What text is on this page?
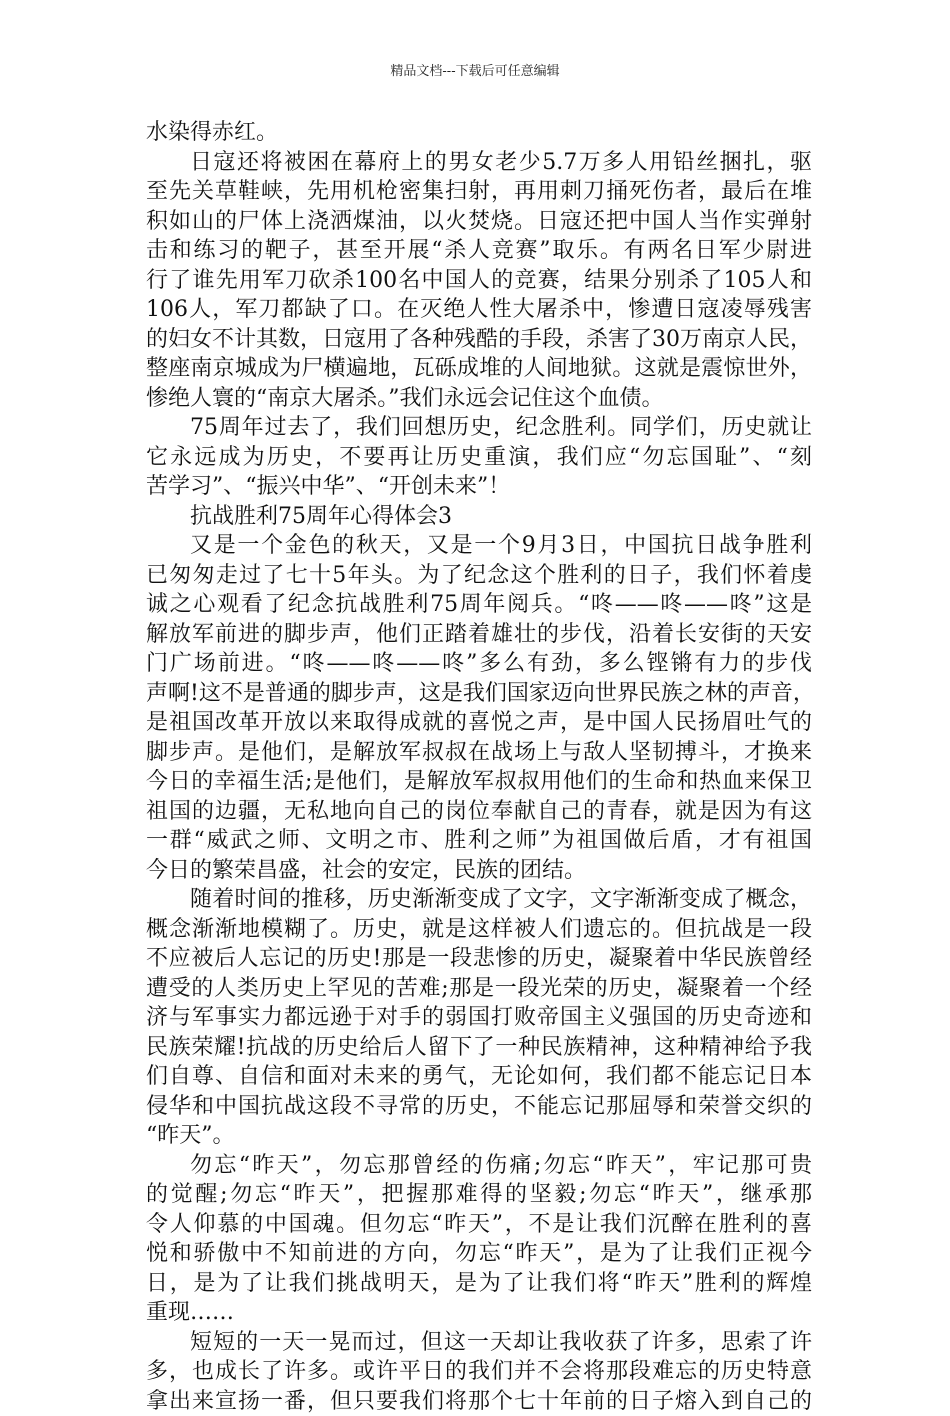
精品文档---下载后可任意编辑
水染得赤红。
日寇还将被困在幕府上的男女老少5.7万多人用铅丝捆扎，驱
至先关草鞋峡，先用机枪密集扫射，再用刺刀捅死伤者，最后在堆
积如山的尸体上浇洒煤油，以火焚烧。日寇还把中国人当作实弹射
击和练习的靶子，甚至开展“杀人竞赛”取乐。有两名日军少尉进
行了谁先用军刀砍杀100名中国人的竞赛，结果分别杀了105人和
106人，军刀都缺了口。在灭绝人性大屠杀中，惨遭日寇凌辱残害
的妇女不计其数，日寇用了各种残酷的手段，杀害了30万南京人民，
整座南京城成为尸横遍地，瓦砾成堆的人间地狱。这就是震惊世外，
惨绝人寰的“南京大屠杀。”我们永远会记住这个血债。
75周年过去了，我们回想历史，纪念胜利。同学们，历史就让
它永远成为历史，不要再让历史重演，我们应“勿忘国耻”、“刻
苦学习”、“振兴中华”、“开创未来”！
抗战胜利75周年心得体会3
又是一个金色的秋天，又是一个9月3日，中国抗日战争胜利
已匆匆走过了七十5年头。为了纪念这个胜利的日子，我们怀着虔
诚之心观看了纪念抗战胜利75周年阅兵。“咚——咚——咚”这是
解放军前进的脚步声，他们正踏着雄壮的步伐，沿着长安街的天安
门广场前进。“咚——咚——咚”多么有劲，多么铿锵有力的步伐
声啊!这不是普通的脚步声，这是我们国家迈向世界民族之林的声音，
是祖国改革开放以来取得成就的喜悦之声，是中国人民扬眉吐气的
脚步声。是他们，是解放军叔叔在战场上与敌人坚韧搏斗，才换来
今日的幸福生活;是他们，是解放军叔叔用他们的生命和热血来保卫
祖国的边疆，无私地向自己的岗位奉献自己的青春，就是因为有这
一群“威武之师、文明之市、胜利之师”为祖国做后盾，才有祖国
今日的繁荣昌盛，社会的安定，民族的团结。
随着时间的推移，历史渐渐变成了文字，文字渐渐变成了概念，
概念渐渐地模糊了。历史，就是这样被人们遗忘的。但抗战是一段
不应被后人忘记的历史!那是一段悲惨的历史，凝聚着中华民族曾经
遭受的人类历史上罕见的苦难;那是一段光荣的历史，凝聚着一个经
济与军事实力都远逊于对手的弱国打败帝国主义强国的历史奇迹和
民族荣耀!抗战的历史给后人留下了一种民族精神，这种精神给予我
们自尊、自信和面对未来的勇气，无论如何，我们都不能忘记日本
侵华和中国抗战这段不寻常的历史，不能忘记那屈辱和荣誉交织的
“昨天”。
勿忘“昨天”，勿忘那曾经的伤痛;勿忘“昨天”，牢记那可贵
的觉醒;勿忘“昨天”，把握那难得的坚毅;勿忘“昨天”，继承那
令人仰慕的中国魂。但勿忘“昨天”，不是让我们沉醉在胜利的喜
悦和骄傲中不知前进的方向，勿忘“昨天”，是为了让我们正视今
日，是为了让我们挑战明天，是为了让我们将“昨天”胜利的辉煌
重现……
短短的一天一晃而过，但这一天却让我收获了许多，思索了许
多，也成长了许多。或许平日的我们并不会将那段难忘的历史特意
拿出来宣扬一番，但只要我们将那个七十年前的日子熔入到自己的
